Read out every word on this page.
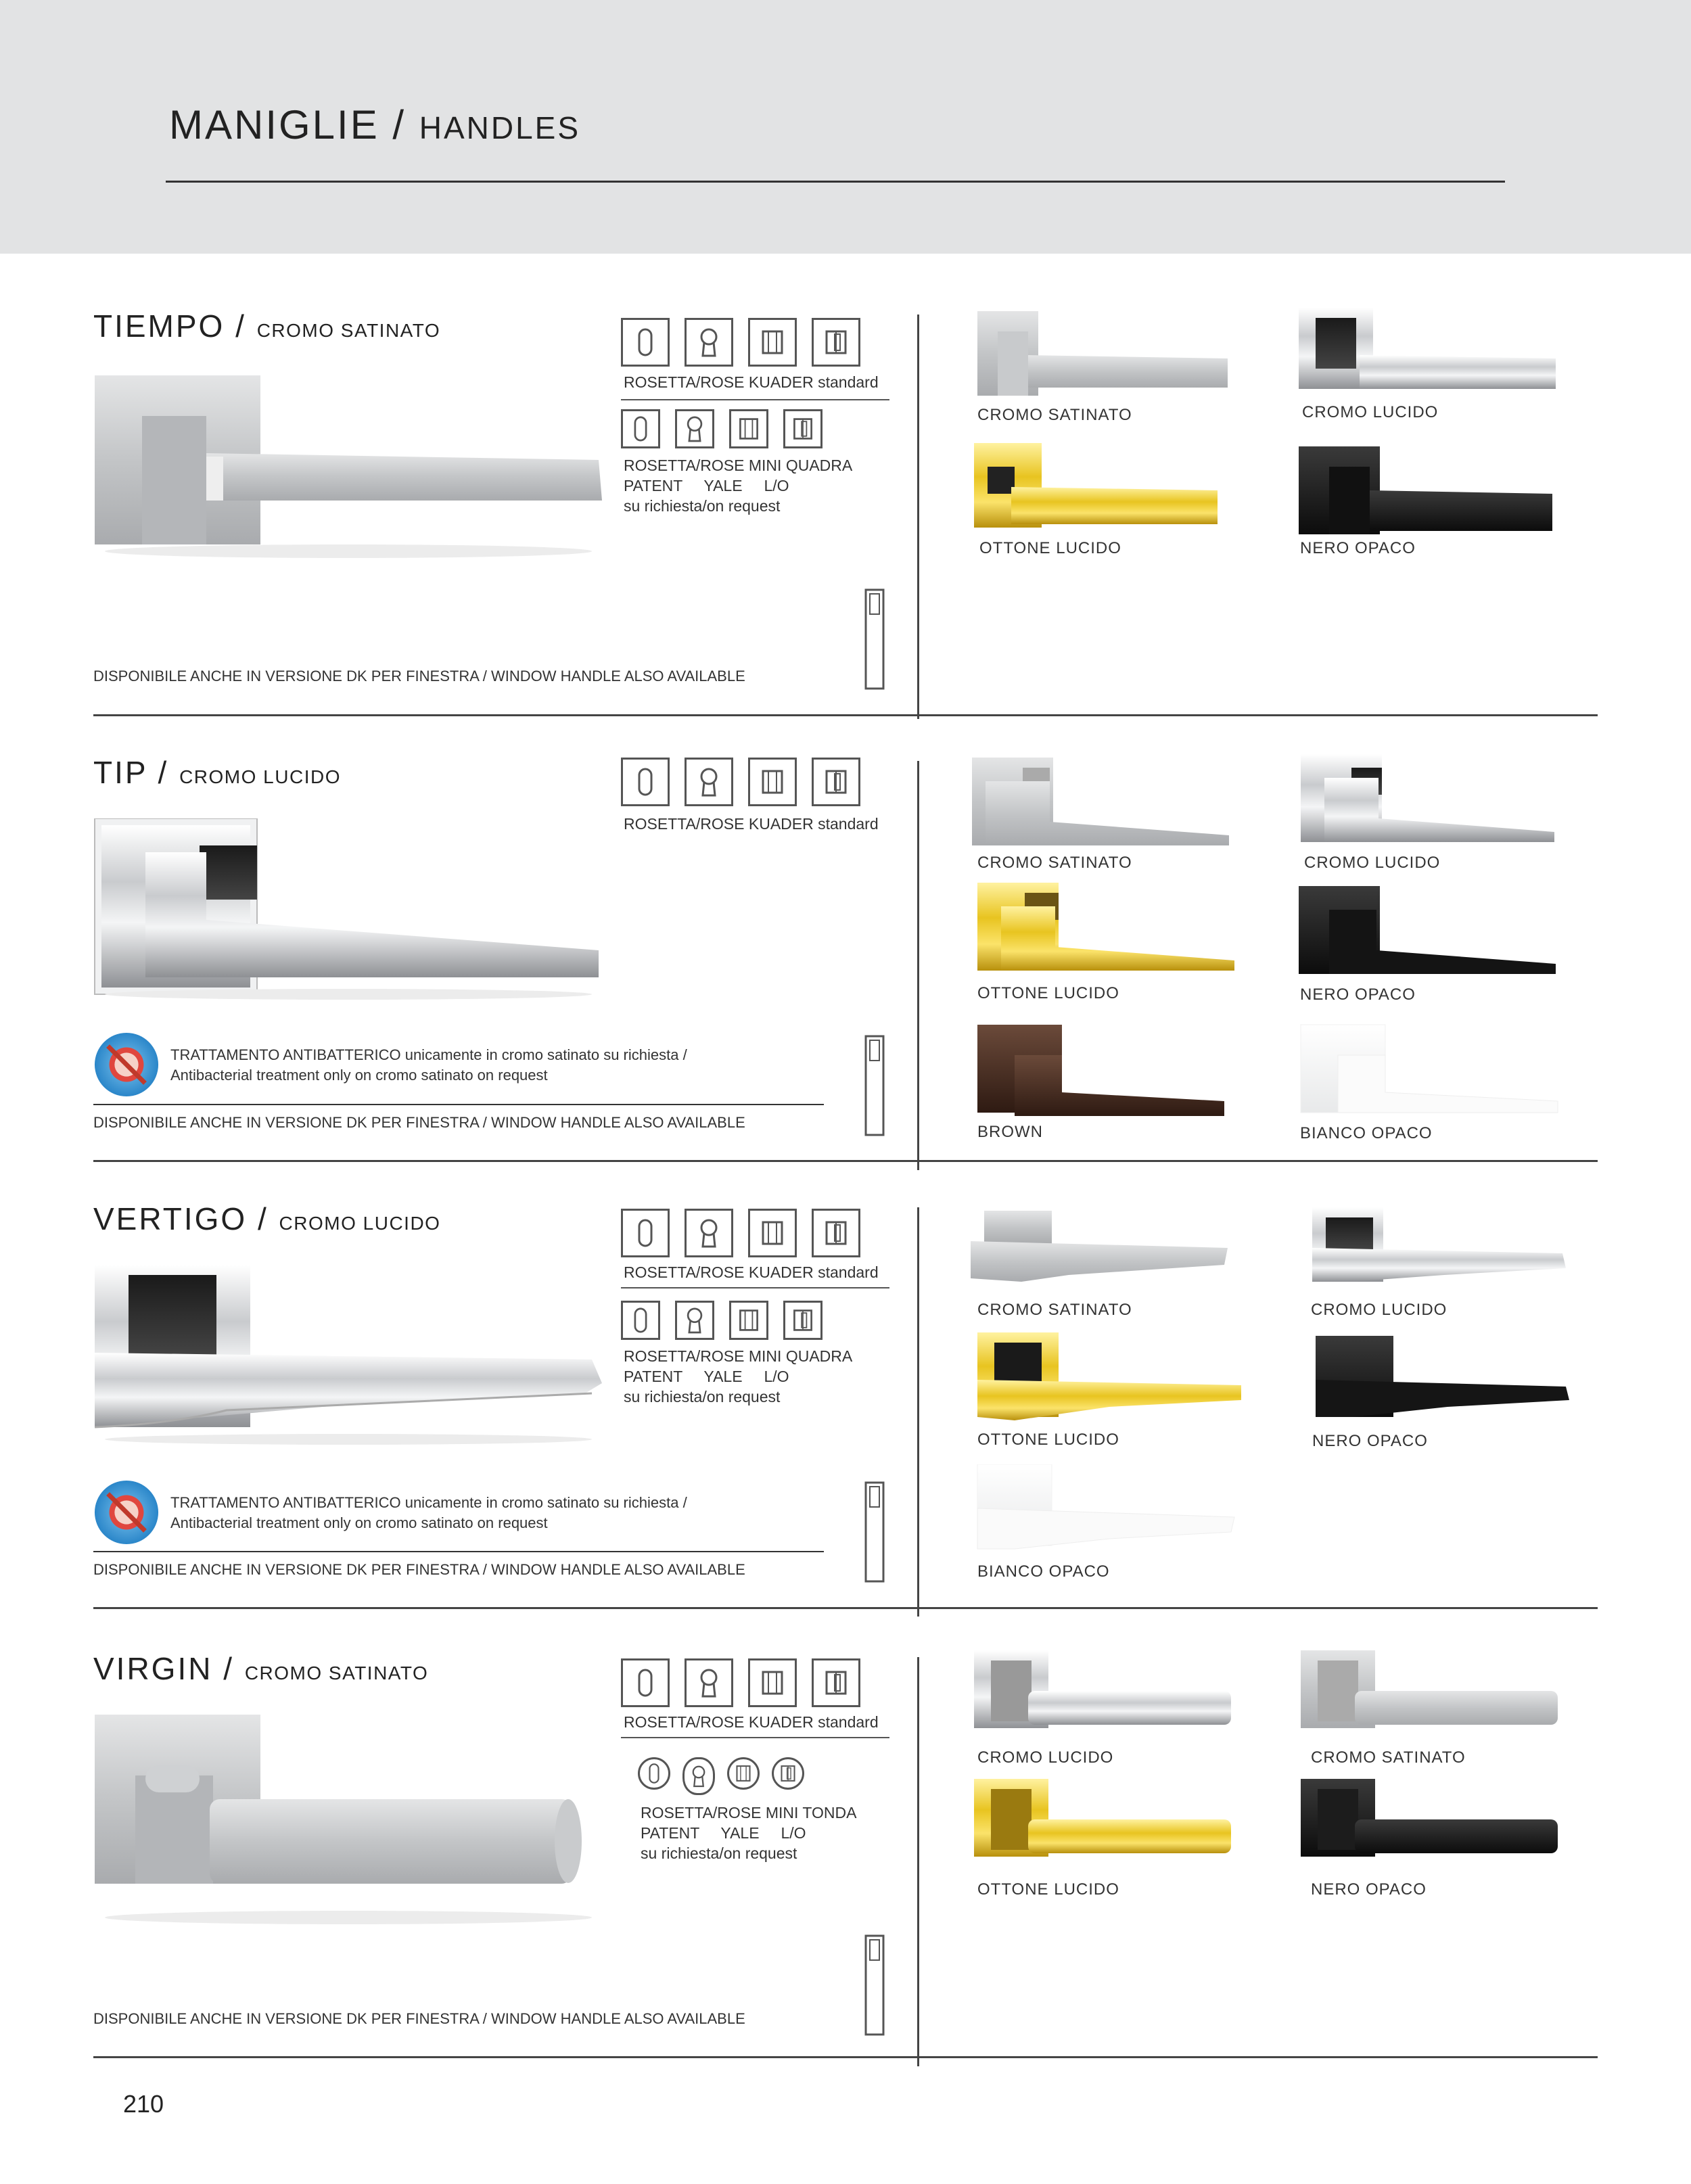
MANIGLIE / HANDLES
TIEMPO / CROMO SATINATO
ROSETTA/ROSE KUADER standard
ROSETTA/ROSE MINI QUADRA
PATENT     YALE     L/O
su richiesta/on request
DISPONIBILE ANCHE IN VERSIONE DK PER FINESTRA / WINDOW HANDLE ALSO AVAILABLE
CROMO SATINATO	CROMO LUCIDO
OTTONE LUCIDO	NERO OPACO
TIP / CROMO LUCIDO
ROSETTA/ROSE KUADER standard
TRATTAMENTO ANTIBATTERICO unicamente in cromo satinato su richiesta /
Antibacterial treatment only on cromo satinato on request
DISPONIBILE ANCHE IN VERSIONE DK PER FINESTRA / WINDOW HANDLE ALSO AVAILABLE
CROMO SATINATO	CROMO LUCIDO
OTTONE LUCIDO	NERO OPACO
BROWN	BIANCO OPACO
VERTIGO / CROMO LUCIDO
ROSETTA/ROSE KUADER standard
ROSETTA/ROSE MINI QUADRA
PATENT     YALE     L/O
su richiesta/on request
TRATTAMENTO ANTIBATTERICO unicamente in cromo satinato su richiesta /
Antibacterial treatment only on cromo satinato on request
DISPONIBILE ANCHE IN VERSIONE DK PER FINESTRA / WINDOW HANDLE ALSO AVAILABLE
CROMO SATINATO	CROMO LUCIDO
OTTONE LUCIDO	NERO OPACO
BIANCO OPACO
VIRGIN / CROMO SATINATO
ROSETTA/ROSE KUADER standard
ROSETTA/ROSE MINI TONDA
PATENT     YALE     L/O
su richiesta/on request
DISPONIBILE ANCHE IN VERSIONE DK PER FINESTRA / WINDOW HANDLE ALSO AVAILABLE
CROMO LUCIDO	CROMO SATINATO
OTTONE LUCIDO	NERO OPACO
210
